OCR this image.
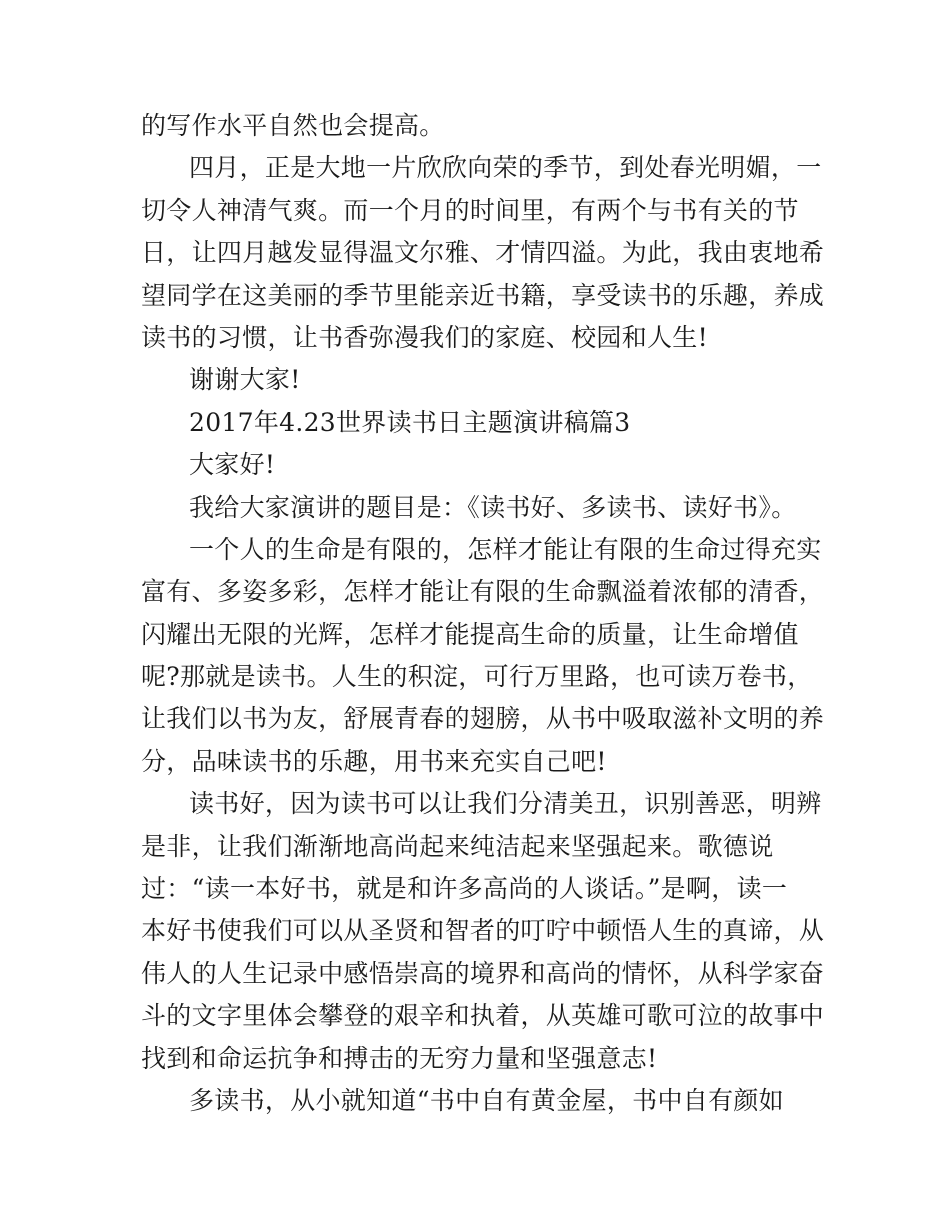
的写作水平自然也会提高。
四月，正是大地一片欣欣向荣的季节，到处春光明媚，一
切令人神清气爽。而一个月的时间里，有两个与书有关的节
日，让四月越发显得温文尔雅、才情四溢。为此，我由衷地希
望同学在这美丽的季节里能亲近书籍，享受读书的乐趣，养成
读书的习惯，让书香弥漫我们的家庭、校园和人生!
谢谢大家!
2017年4.23世界读书日主题演讲稿篇3
大家好!
我给大家演讲的题目是：《读书好、多读书、读好书》。
一个人的生命是有限的，怎样才能让有限的生命过得充实
富有、多姿多彩，怎样才能让有限的生命飘溢着浓郁的清香，
闪耀出无限的光辉，怎样才能提高生命的质量，让生命增值
呢?那就是读书。人生的积淀，可行万里路，也可读万卷书，
让我们以书为友，舒展青春的翅膀，从书中吸取滋补文明的养
分，品味读书的乐趣，用书来充实自己吧!
读书好，因为读书可以让我们分清美丑，识别善恶，明辨
是非，让我们渐渐地高尚起来纯洁起来坚强起来。歌德说
过：“读一本好书，就是和许多高尚的人谈话。”是啊，读一
本好书使我们可以从圣贤和智者的叮咛中顿悟人生的真谛，从
伟人的人生记录中感悟崇高的境界和高尚的情怀，从科学家奋
斗的文字里体会攀登的艰辛和执着，从英雄可歌可泣的故事中
找到和命运抗争和搏击的无穷力量和坚强意志!
多读书，从小就知道“书中自有黄金屋，书中自有颜如
